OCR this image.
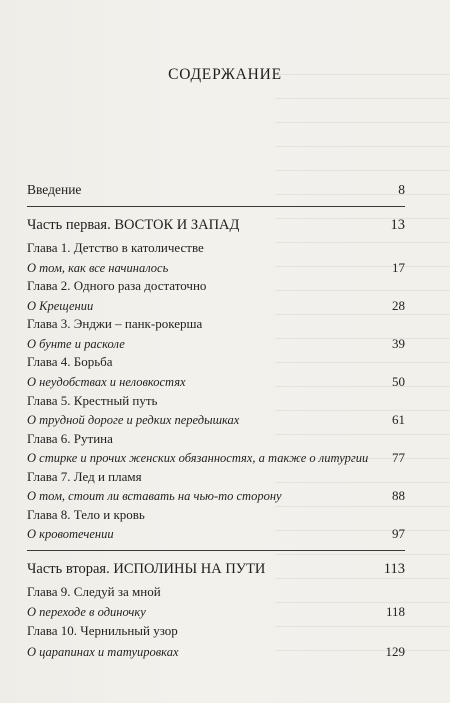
СОДЕРЖАНИЕ
Введение	8
Часть первая. ВОСТОК И ЗАПАД	13
Глава 1. Детство в католичестве
О том, как все начиналось	17
Глава 2. Одного раза достаточно
О Крещении	28
Глава 3. Энджи – панк-рокерша
О бунте и расколе	39
Глава 4. Борьба
О неудобствах и неловкостях	50
Глава 5. Крестный путь
О трудной дороге и редких передышках	61
Глава 6. Рутина
О стирке и прочих женских обязанностях, а также о литургии 77
Глава 7. Лед и пламя
О том, стоит ли вставать на чью-то сторону	88
Глава 8. Тело и кровь
О кровотечении	97
Часть вторая. ИСПОЛИНЫ НА ПУТИ	113
Глава 9. Следуй за мной
О переходе в одиночку	118
Глава 10. Чернильный узор
О царапинах и татуировках	129
